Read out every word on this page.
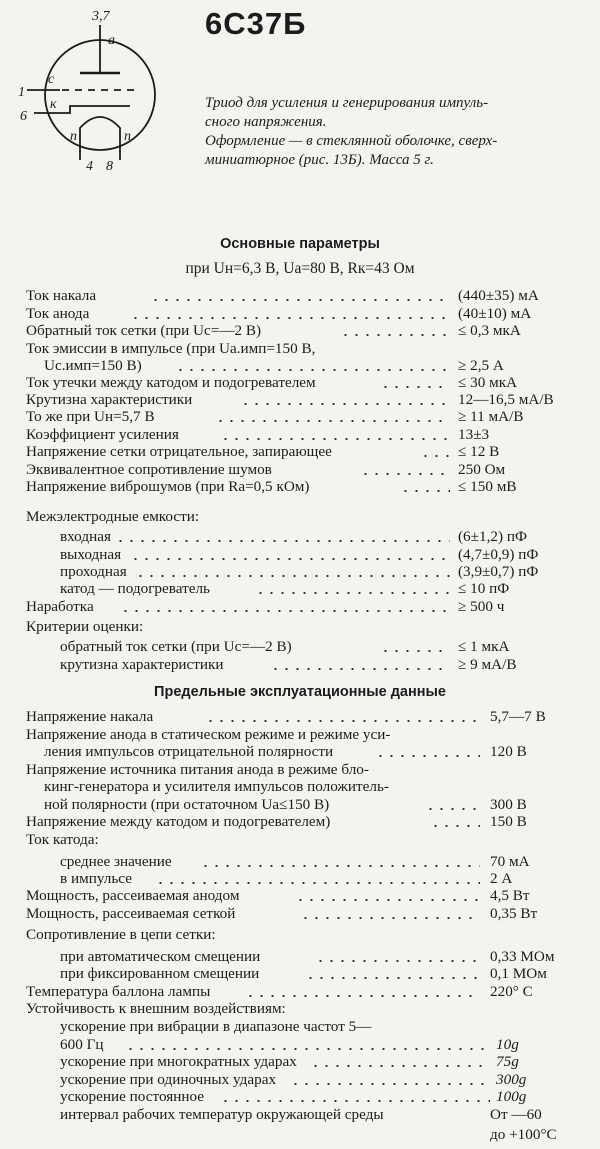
3,7
а
с
к
1
6
п	п
4 8
6С37Б
Триод для усиления и генерирования импуль-
сного напряжения.
Оформление — в стеклянной оболочке, сверх-
миниатюрное (рис. 13Б). Масса 5 г.
Основные параметры
при Uн=6,3 В, Uа=80 В, Rк=43 Ом
Ток накала	(440±35) мА
Ток анода	(40±10) мА
Обратный ток сетки (при Uс=—2 В)	≤ 0,3 мкА
Ток эмиссии в импульсе (при Uа.имп=150 В,
Uс.имп=150 В)	≥ 2,5 А
Ток утечки между катодом и подогревателем	≤ 30 мкА
Крутизна характеристики	12—16,5 мА/В
То же при Uн=5,7 В	≥ 11 мА/В
Коэффициент усиления	13±3
Напряжение сетки отрицательное, запирающее	≤ 12 В
Эквивалентное сопротивление шумов	250 Ом
Напряжение виброшумов (при Rа=0,5 кОм)	≤ 150 мВ
Межэлектродные емкости:
входная	(6±1,2) пФ
выходная	(4,7±0,9) пФ
проходная	(3,9±0,7) пФ
катод — подогреватель	≤ 10 пФ
Наработка	≥ 500 ч
Критерии оценки:
обратный ток сетки (при Uс=—2 В)	≤ 1 мкА
крутизна характеристики	≥ 9 мА/В
Предельные эксплуатационные данные
Напряжение накала	5,7—7 В
Напряжение анода в статическом режиме и режиме уси-
ления импульсов отрицательной полярности	120 В
Напряжение источника питания анода в режиме бло-
кинг-генератора и усилителя импульсов положитель-
ной полярности (при остаточном Uа≤150 В)	300 В
Напряжение между катодом и подогревателем)	150 В
Ток катода:
среднее значение	70 мА
в импульсе	2 А
Мощность, рассеиваемая анодом	4,5 Вт
Мощность, рассеиваемая сеткой	0,35 Вт
Сопротивление в цепи сетки:
при автоматическом смещении	0,33 МОм
при фиксированном смещении	0,1 МОм
Температура баллона лампы	220° С
Устойчивость к внешним воздействиям:
ускорение при вибрации в диапазоне частот 5—
600 Гц	10g
ускорение при многократных ударах	75g
ускорение при одиночных ударах	300g
ускорение постоянное	100g
интервал рабочих температур окружающей среды	От —60
до +100°С
